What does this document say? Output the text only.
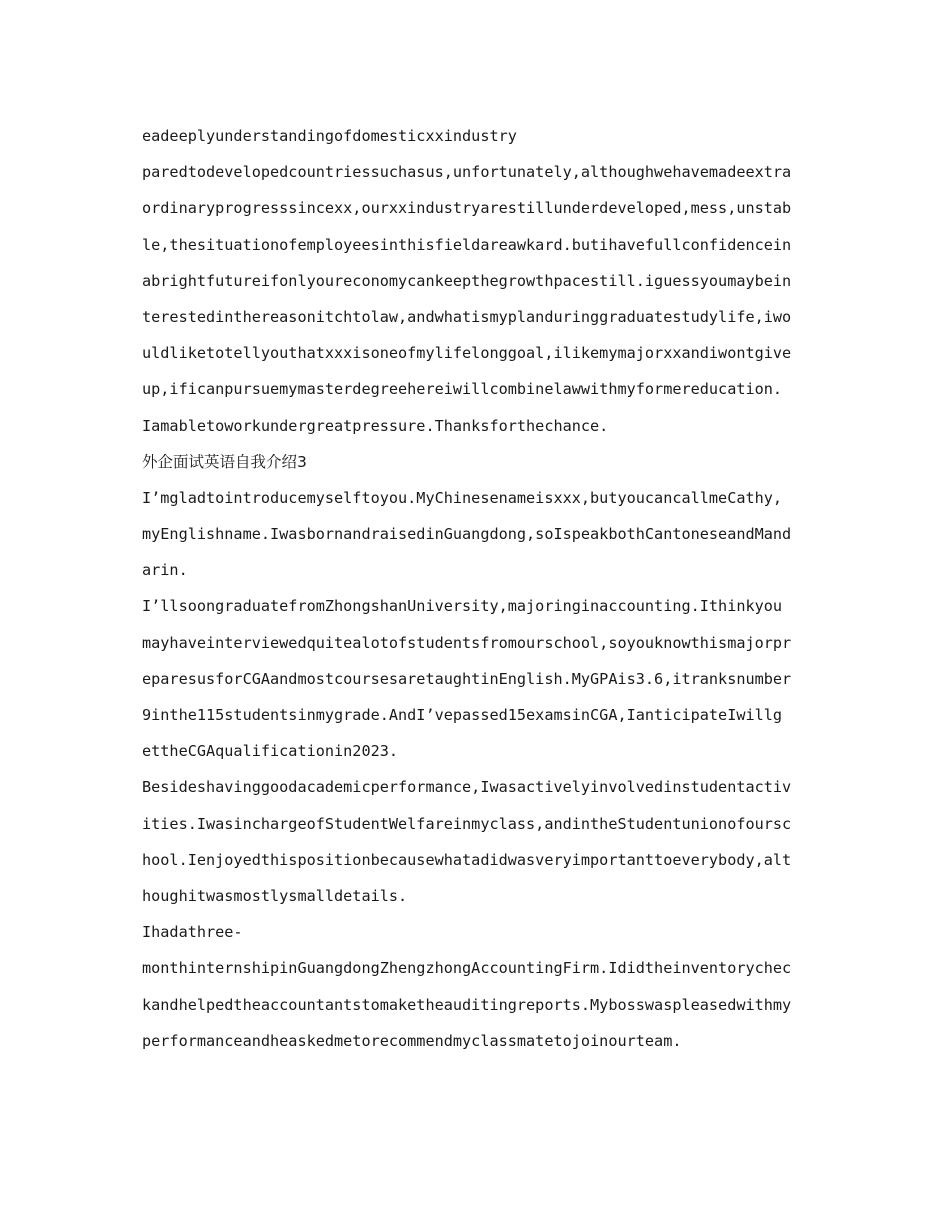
eadeeplyunderstandingofdomesticxxindustry
paredtodevelopedcountriessuchasus,unfortunately,althoughwehavemadeextra
ordinaryprogresssincexx,ourxxindustryarestillunderdeveloped,mess,unstab
le,thesituationofemployeesinthisfieldareawkard.butihavefullconfidencein
abrightfutureifonlyoureconomycankeepthegrowthpacestill.iguessyoumaybein
terestedinthereasonitchtolaw,andwhatismyplanduringgraduatestudylife,iwo
uldliketotellyouthatxxxisoneofmylifelonggoal,ilikemymajorxxandiwontgive
up,ificanpursuemymasterdegreehereiwillcombinelawwithmyformereducation.
Iamabletoworkundergreatpressure.Thanksforthechance.
外企面试英语自我介绍3
I’mgladtointroducemyselftoyou.MyChinesenameisxxx,butyoucancallmeCathy,
myEnglishname.IwasbornandraisedinGuangdong,soIspeakbothCantoneseandMand
arin.
I’llsoongraduatefromZhongshanUniversity,majoringinaccounting.Ithinkyou
mayhaveinterviewedquitealotofstudentsfromourschool,soyouknowthismajorpr
eparesusforCGAandmostcoursesaretaughtinEnglish.MyGPAis3.6,itranksnumber
9inthe115studentsinmygrade.AndI’vepassed15examsinCGA,IanticipateIwillg
ettheCGAqualificationin2023.
Besideshavinggoodacademicperformance,Iwasactivelyinvolvedinstudentactiv
ities.IwasinchargeofStudentWelfareinmyclass,andintheStudentunionofoursc
hool.Ienjoyedthispositionbecausewhatadidwasveryimportanttoeverybody,alt
houghitwasmostlysmalldetails.
Ihadathree-
monthinternshipinGuangdongZhengzhongAccountingFirm.Ididtheinventorychec
kandhelpedtheaccountantstomaketheauditingreports.Mybosswaspleasedwithmy
performanceandheaskedmetorecommendmyclassmatetojoinourteam.
